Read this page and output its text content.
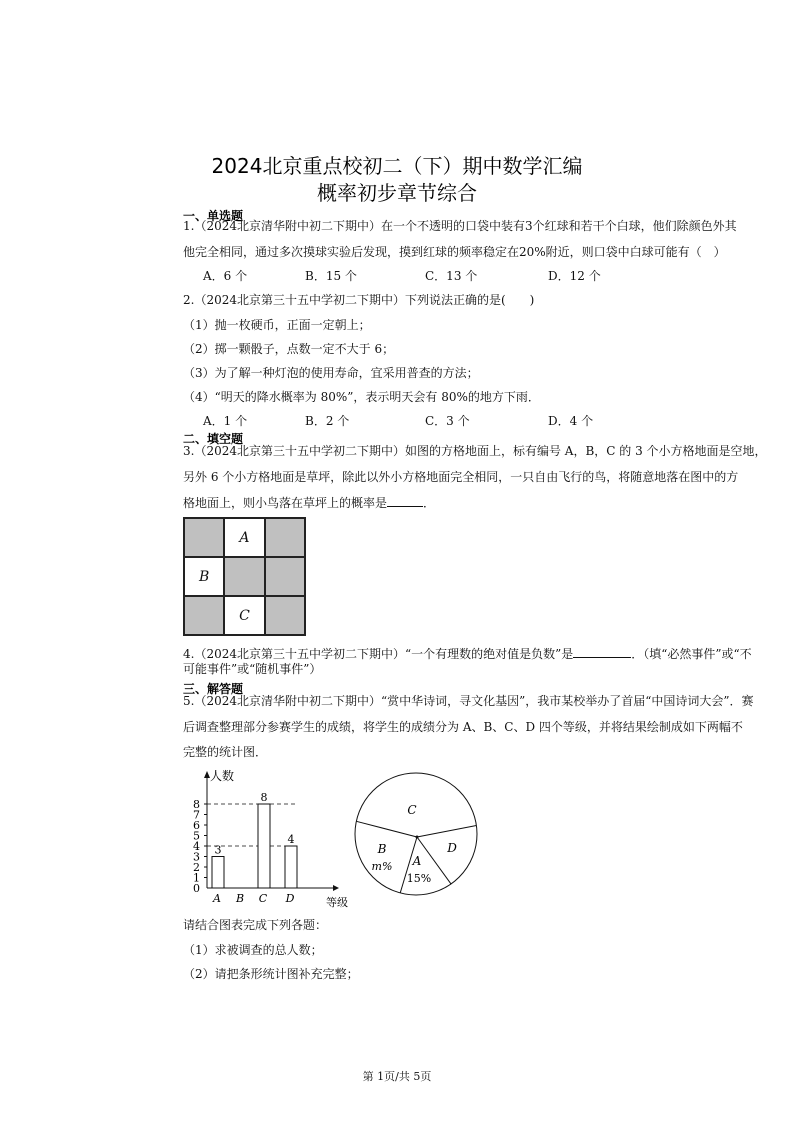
2024北京重点校初二（下）期中数学汇编
概率初步章节综合
一、单选题
1.（2024北京清华附中初二下期中）在一个不透明的口袋中装有3个红球和若干个白球，他们除颜色外其
他完全相同，通过多次摸球实验后发现，摸到红球的频率稳定在20%附近，则口袋中白球可能有（　）
A．6 个	B．15 个	C．13 个	D．12 个
2.（2024北京第三十五中学初二下期中）下列说法正确的是(　　)
（1）抛一枚硬币，正面一定朝上；
（2）掷一颗骰子，点数一定不大于 6；
（3）为了解一种灯泡的使用寿命，宜采用普查的方法；
（4）“明天的降水概率为 80%”，表示明天会有 80%的地方下雨．
A．1 个	B．2 个	C．3 个	D．4 个
二、填空题
3.（2024北京第三十五中学初二下期中）如图的方格地面上，标有编号 A，B，C 的 3 个小方格地面是空地，
另外 6 个小方格地面是草坪，除此以外小方格地面完全相同，一只自由飞行的鸟，将随意地落在图中的方
格地面上，则小鸟落在草坪上的概率是	．
A
B
C
4.（2024北京第三十五中学初二下期中）“一个有理数的绝对值是负数”是	．（填“必然事件”或“不
可能事件”或“随机事件”）
三、解答题
5.（2024北京清华附中初二下期中）“赏中华诗词，寻文化基因”，我市某校举办了首届“中国诗词大会”．赛
后调查整理部分参赛学生的成绩，将学生的成绩分为 A、B、C、D 四个等级，并将结果绘制成如下两幅不
完整的统计图．
人数
等级
0
1
2
3
4
5
6
7
8
3
A B
8
C
4
D
C
D
A
15%
B
m%
请结合图表完成下列各题：
（1）求被调查的总人数；
（2）请把条形统计图补充完整；
第 1页/共 5页
